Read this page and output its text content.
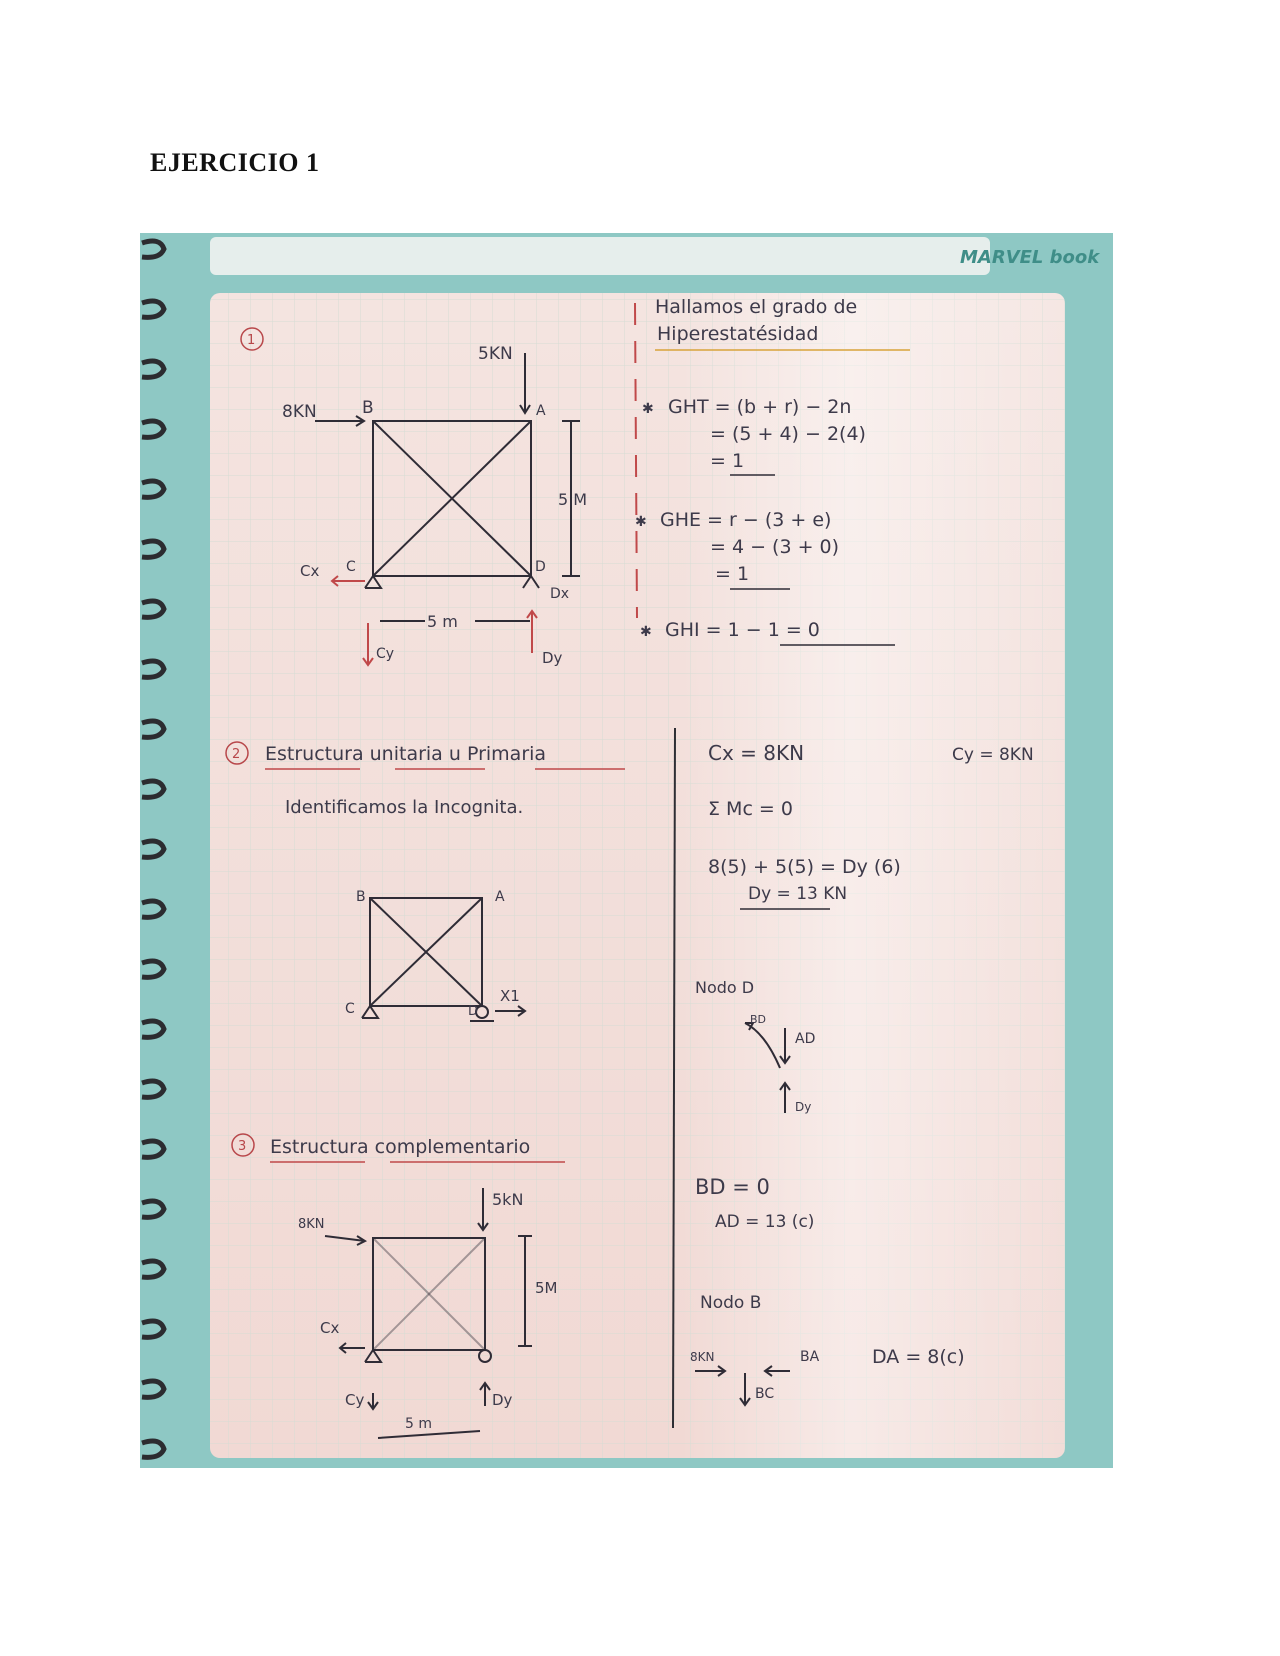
EJERCICIO 1
MARVEL book
1
8KN
5KN
B	A
C	D
5 M
5 m
Cx
Cy
Dx
Dy
Hallamos el grado de
Hiperestatésidad
✱ GHT = (b + r) − 2n
= (5 + 4) − 2(4)
= 1
✱ GHE = r − (3 + e)
= 4 − (3 + 0)
= 1
✱ GHI = 1 − 1 = 0
2 Estructura unitaria u Primaria
Identificamos la Incognita.
B	A
C	D
X1
3 Estructura complementario
8KN
5kN
5M
Cx
Cy	Dy
5 m
Cx = 8KN	Cy = 8KN
Σ Mc = 0
8(5) + 5(5) = Dy (6)
Dy = 13 KN
Nodo D
BD
AD
Dy
BD = 0
AD = 13 (c)
Nodo B
8KN	BA
BC
DA = 8(c)
